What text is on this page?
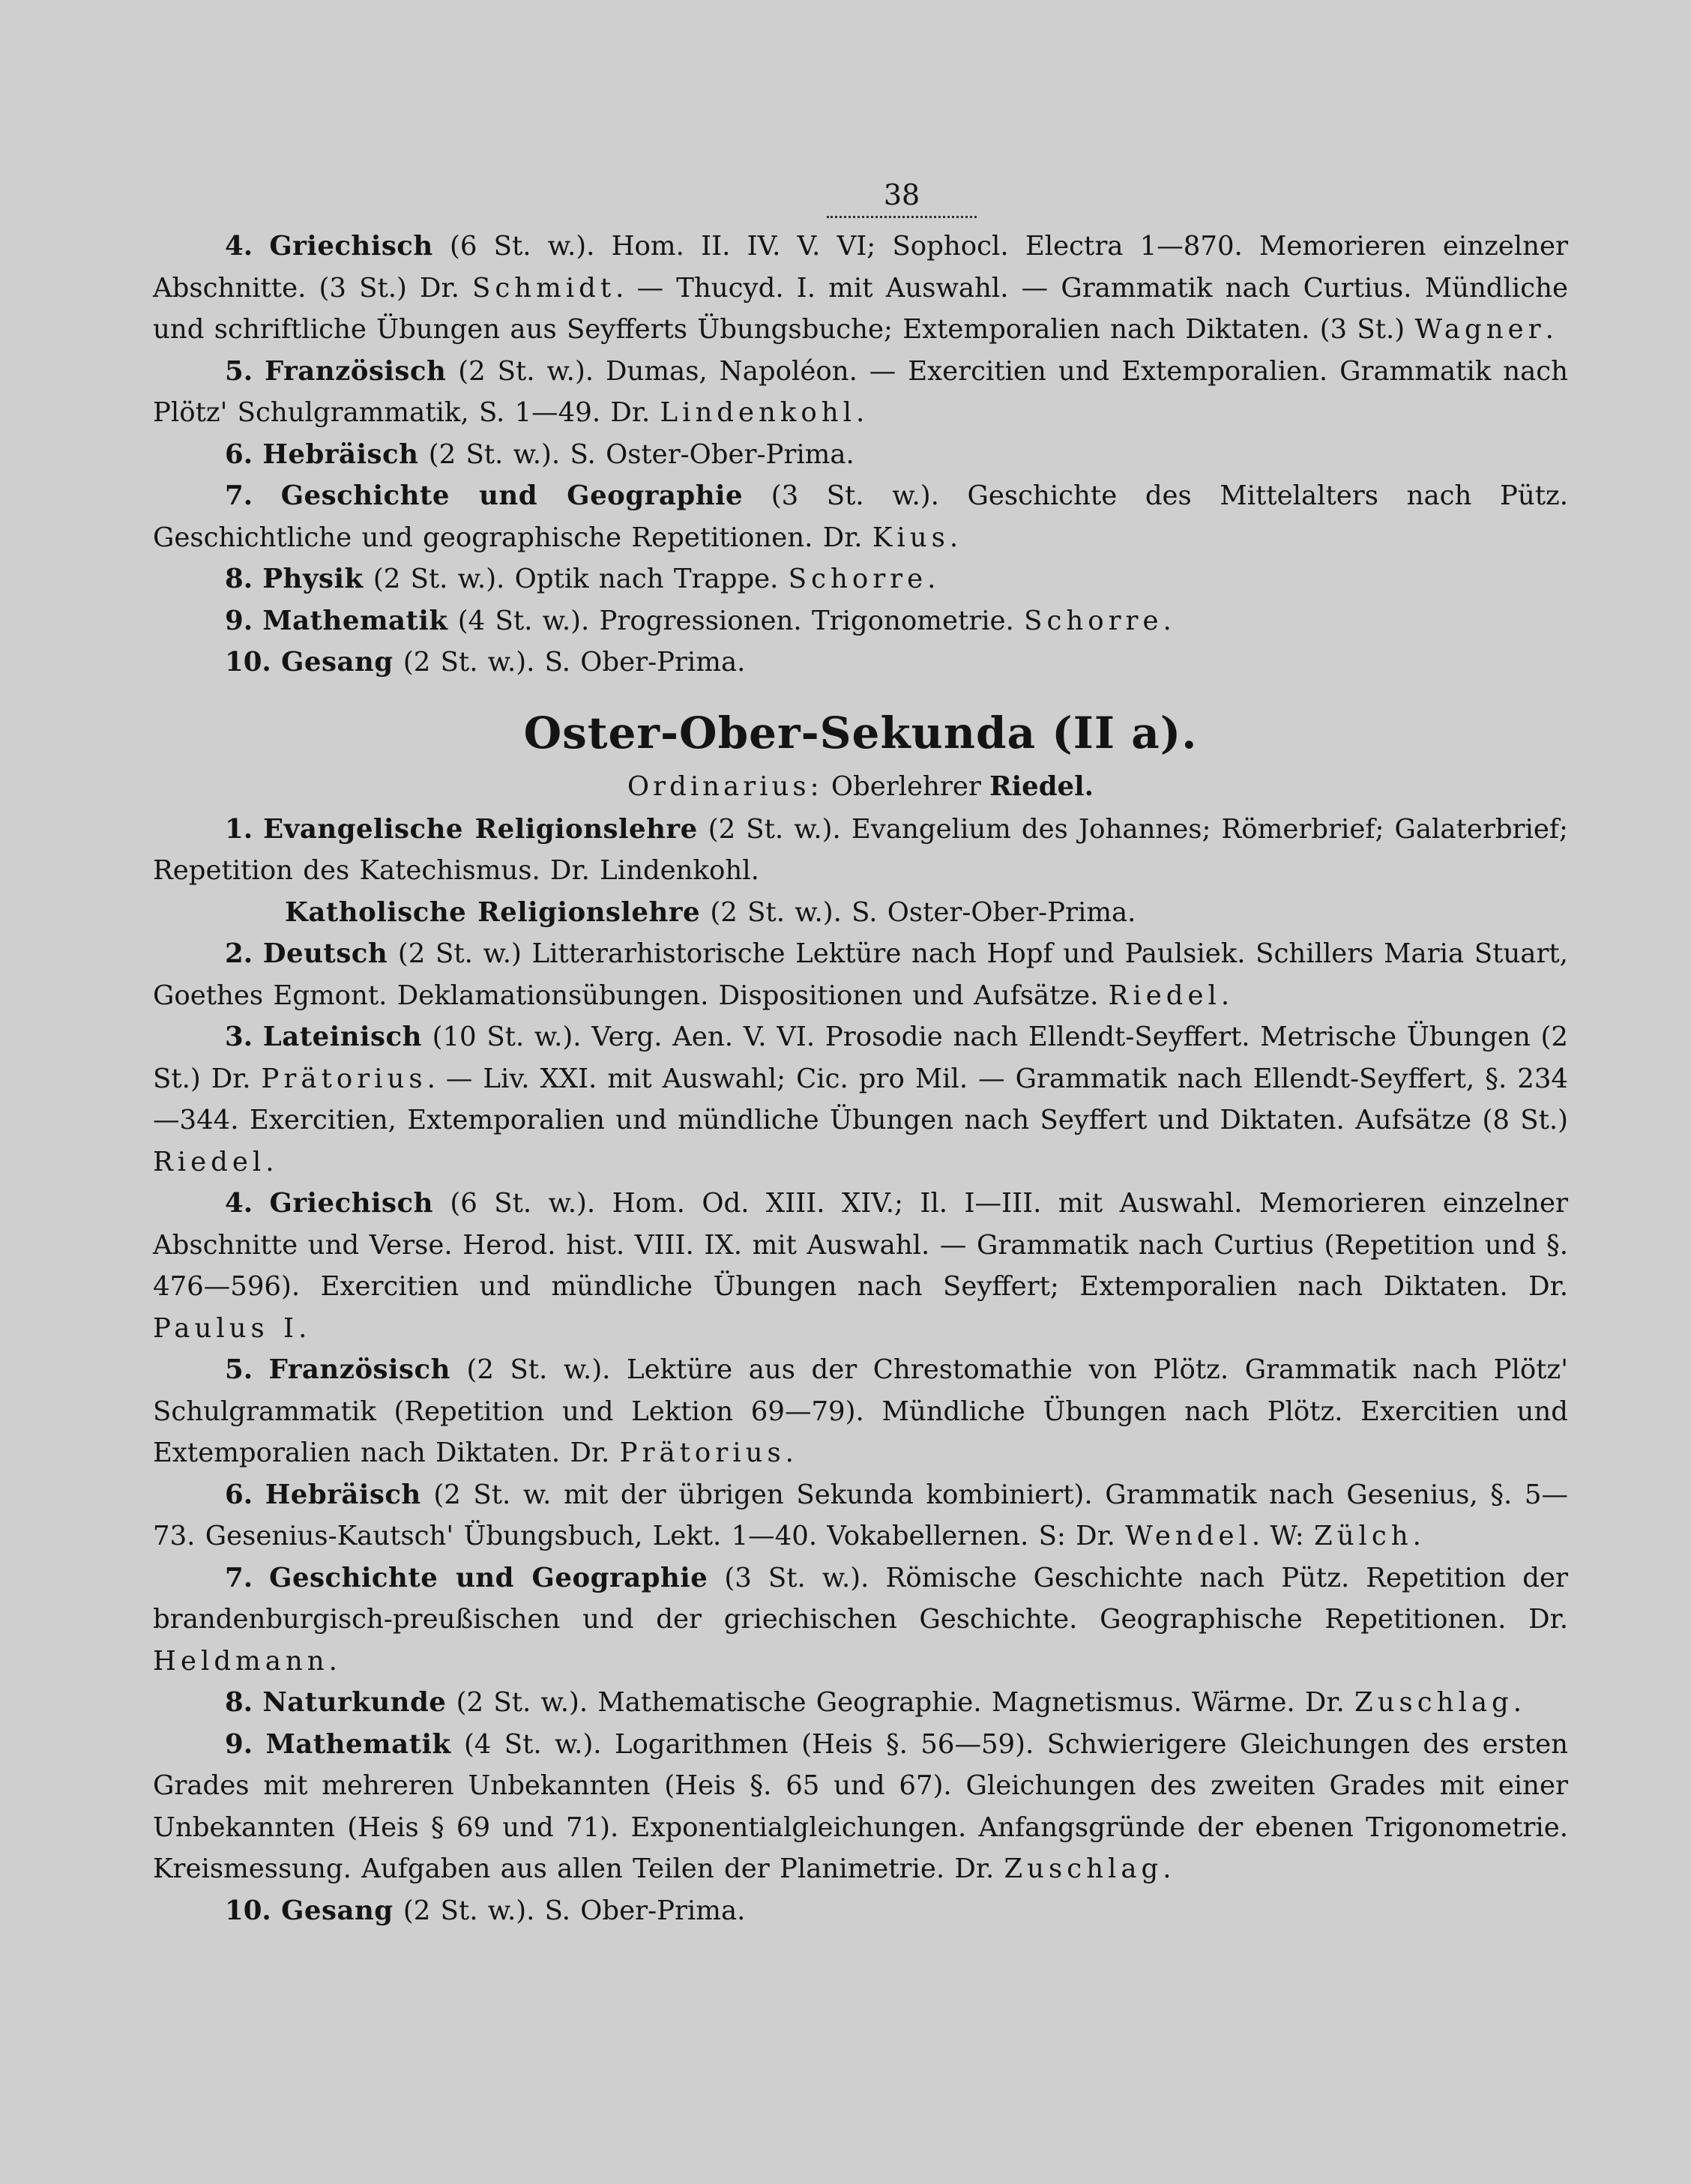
38
4. Griechisch (6 St. w.). Hom. II. IV. V. VI; Sophocl. Electra 1—870. Memorieren einzelner Abschnitte. (3 St.) Dr. Schmidt. — Thucyd. I. mit Auswahl. — Grammatik nach Curtius. Mündliche und schriftliche Übungen aus Seyfferts Übungsbuche; Extemporalien nach Diktaten. (3 St.) Wagner.
5. Französisch (2 St. w.). Dumas, Napoléon. — Exercitien und Extemporalien. Grammatik nach Plötz' Schulgrammatik, S. 1—49. Dr. Lindenkohl.
6. Hebräisch (2 St. w.). S. Oster-Ober-Prima.
7. Geschichte und Geographie (3 St. w.). Geschichte des Mittelalters nach Pütz. Geschichtliche und geographische Repetitionen. Dr. Kius.
8. Physik (2 St. w.). Optik nach Trappe. Schorre.
9. Mathematik (4 St. w.). Progressionen. Trigonometrie. Schorre.
10. Gesang (2 St. w.). S. Ober-Prima.
Oster-Ober-Sekunda (II a).
Ordinarius: Oberlehrer Riedel.
1. Evangelische Religionslehre (2 St. w.). Evangelium des Johannes; Römerbrief; Galaterbrief; Repetition des Katechismus. Dr. Lindenkohl.
Katholische Religionslehre (2 St. w.). S. Oster-Ober-Prima.
2. Deutsch (2 St. w.) Litterarhistorische Lektüre nach Hopf und Paulsiek. Schillers Maria Stuart, Goethes Egmont. Deklamationsübungen. Dispositionen und Aufsätze. Riedel.
3. Lateinisch (10 St. w.). Verg. Aen. V. VI. Prosodie nach Ellendt-Seyffert. Metrische Übungen (2 St.) Dr. Prätorius. — Liv. XXI. mit Auswahl; Cic. pro Mil. — Grammatik nach Ellendt-Seyffert, §. 234—344. Exercitien, Extemporalien und mündliche Übungen nach Seyffert und Diktaten. Aufsätze (8 St.) Riedel.
4. Griechisch (6 St. w.). Hom. Od. XIII. XIV.; Il. I—III. mit Auswahl. Memorieren einzelner Abschnitte und Verse. Herod. hist. VIII. IX. mit Auswahl. — Grammatik nach Curtius (Repetition und §. 476—596). Exercitien und mündliche Übungen nach Seyffert; Extemporalien nach Diktaten. Dr. Paulus I.
5. Französisch (2 St. w.). Lektüre aus der Chrestomathie von Plötz. Grammatik nach Plötz' Schulgrammatik (Repetition und Lektion 69—79). Mündliche Übungen nach Plötz. Exercitien und Extemporalien nach Diktaten. Dr. Prätorius.
6. Hebräisch (2 St. w. mit der übrigen Sekunda kombiniert). Grammatik nach Gesenius, §. 5—73. Gesenius-Kautsch' Übungsbuch, Lekt. 1—40. Vokabellernen. S: Dr. Wendel. W: Zülch.
7. Geschichte und Geographie (3 St. w.). Römische Geschichte nach Pütz. Repetition der brandenburgisch-preußischen und der griechischen Geschichte. Geographische Repetitionen. Dr. Heldmann.
8. Naturkunde (2 St. w.). Mathematische Geographie. Magnetismus. Wärme. Dr. Zuschlag.
9. Mathematik (4 St. w.). Logarithmen (Heis §. 56—59). Schwierigere Gleichungen des ersten Grades mit mehreren Unbekannten (Heis §. 65 und 67). Gleichungen des zweiten Grades mit einer Unbekannten (Heis § 69 und 71). Exponentialgleichungen. Anfangsgründe der ebenen Trigonometrie. Kreismessung. Aufgaben aus allen Teilen der Planimetrie. Dr. Zuschlag.
10. Gesang (2 St. w.). S. Ober-Prima.
